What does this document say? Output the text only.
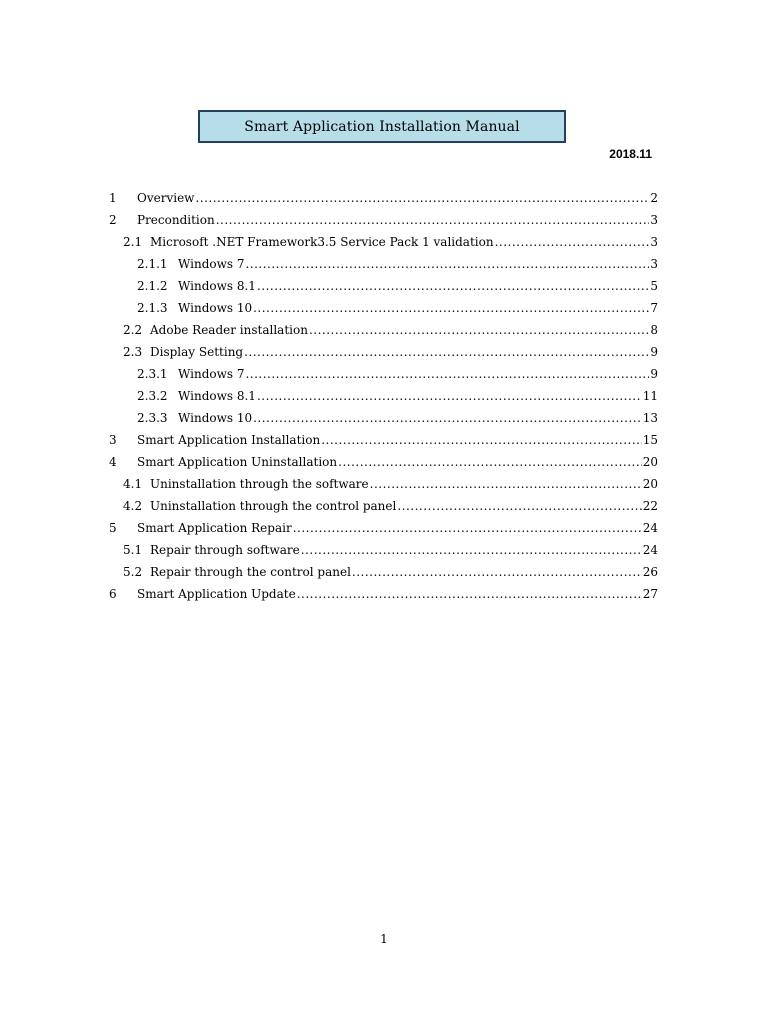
Smart Application Installation Manual
2018.11
1	Overview .....	2
2	Precondition .....	3
2.1 Microsoft .NET Framework3.5 Service Pack 1 validation .....	3
2.1.1 Windows 7 .....	3
2.1.2 Windows 8.1 .....	5
2.1.3 Windows 10 .....	7
2.2 Adobe Reader installation .....	8
2.3 Display Setting .....	9
2.3.1 Windows 7 .....	9
2.3.2 Windows 8.1 .....	11
2.3.3 Windows 10 .....	13
3	Smart Application Installation .....	15
4	Smart Application Uninstallation .....	20
4.1 Uninstallation through the software .....	20
4.2 Uninstallation through the control panel .....	22
5	Smart Application Repair .....	24
5.1 Repair through software .....	24
5.2 Repair through the control panel .....	26
6	Smart Application Update .....	27
1
